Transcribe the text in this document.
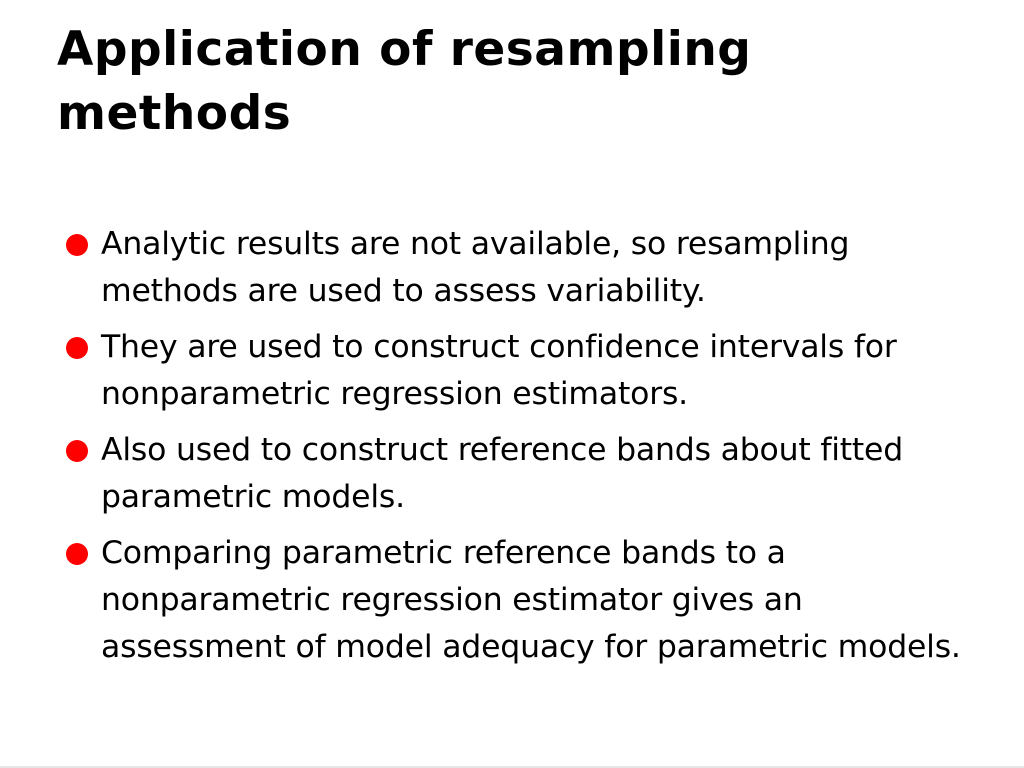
Application of resampling methods
Analytic results are not available, so resampling methods are used to assess variability.
They are used to construct confidence intervals for nonparametric regression estimators.
Also used to construct reference bands about fitted parametric models.
Comparing parametric reference bands to a nonparametric regression estimator gives an assessment of model adequacy for parametric models.
